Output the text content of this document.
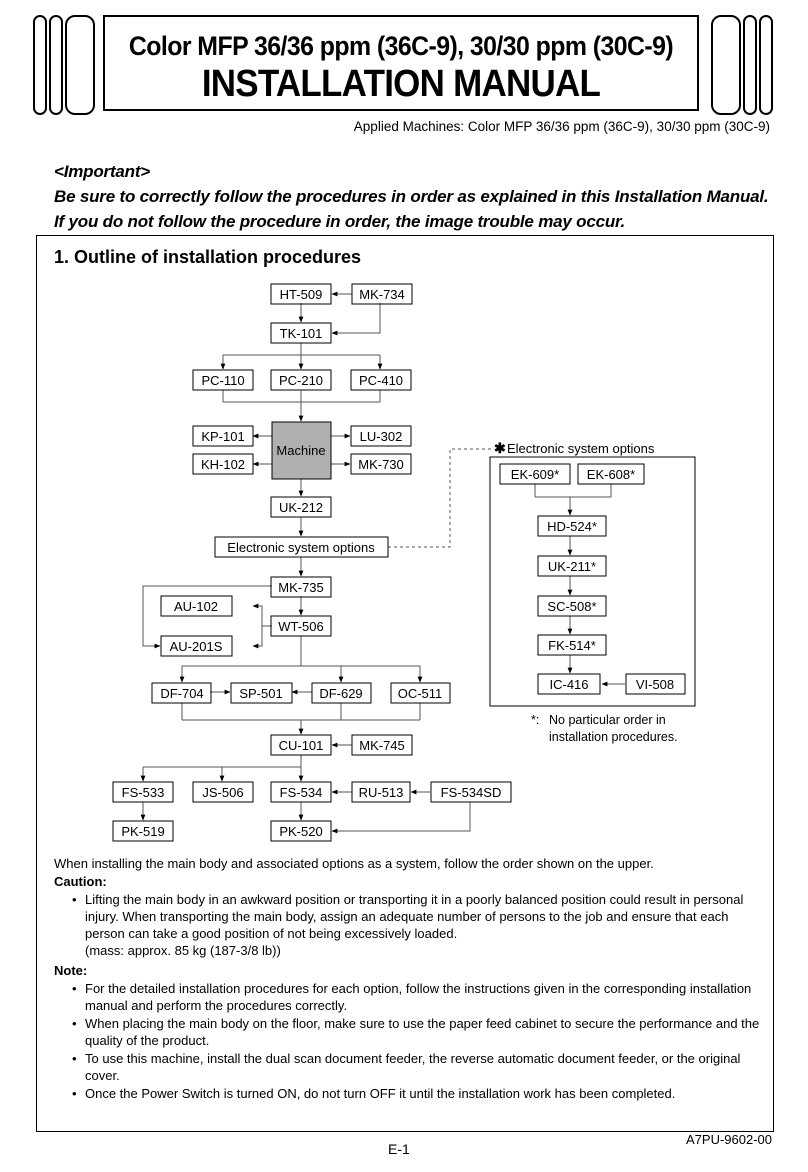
Color MFP 36/36 ppm (36C-9), 30/30 ppm (30C-9)
INSTALLATION MANUAL
Applied Machines: Color MFP 36/36 ppm (36C-9), 30/30 ppm (30C-9)
<Important>
Be sure to correctly follow the procedures in order as explained in this Installation Manual.
If you do not follow the procedure in order, the image trouble may occur.
1. Outline of installation procedures
HT-509	MK-734
TK-101
PC-110	PC-210	PC-410
KP-101
KH-102
Machine
LU-302
MK-730
UK-212
Electronic system options
MK-735
AU-102
WT-506
AU-201S
DF-704	SP-501	DF-629	OC-511
CU-101	MK-745
FS-533	JS-506	FS-534	RU-513	FS-534SD
PK-519	PK-520
EK-609* EK-608*
HD-524*
UK-211*
SC-508*
FK-514*
IC-416	VI-508
✱ Electronic system options
*: No particular order in
installation procedures.
When installing the main body and associated options as a system, follow the order shown on the upper.
Caution:
• Lifting the main body in an awkward position or transporting it in a poorly balanced position could result in personal injury. When transporting the main body, assign an adequate number of persons to the job and ensure that each person can take a good position of not being excessively loaded.
(mass: approx. 85 kg (187-3/8 lb))
Note:
• For the detailed installation procedures for each option, follow the instructions given in the corresponding installation manual and perform the procedures correctly.
• When placing the main body on the floor, make sure to use the paper feed cabinet to secure the performance and the quality of the product.
• To use this machine, install the dual scan document feeder, the reverse automatic document feeder, or the original cover.
• Once the Power Switch is turned ON, do not turn OFF it until the installation work has been completed.
E-1
A7PU-9602-00
